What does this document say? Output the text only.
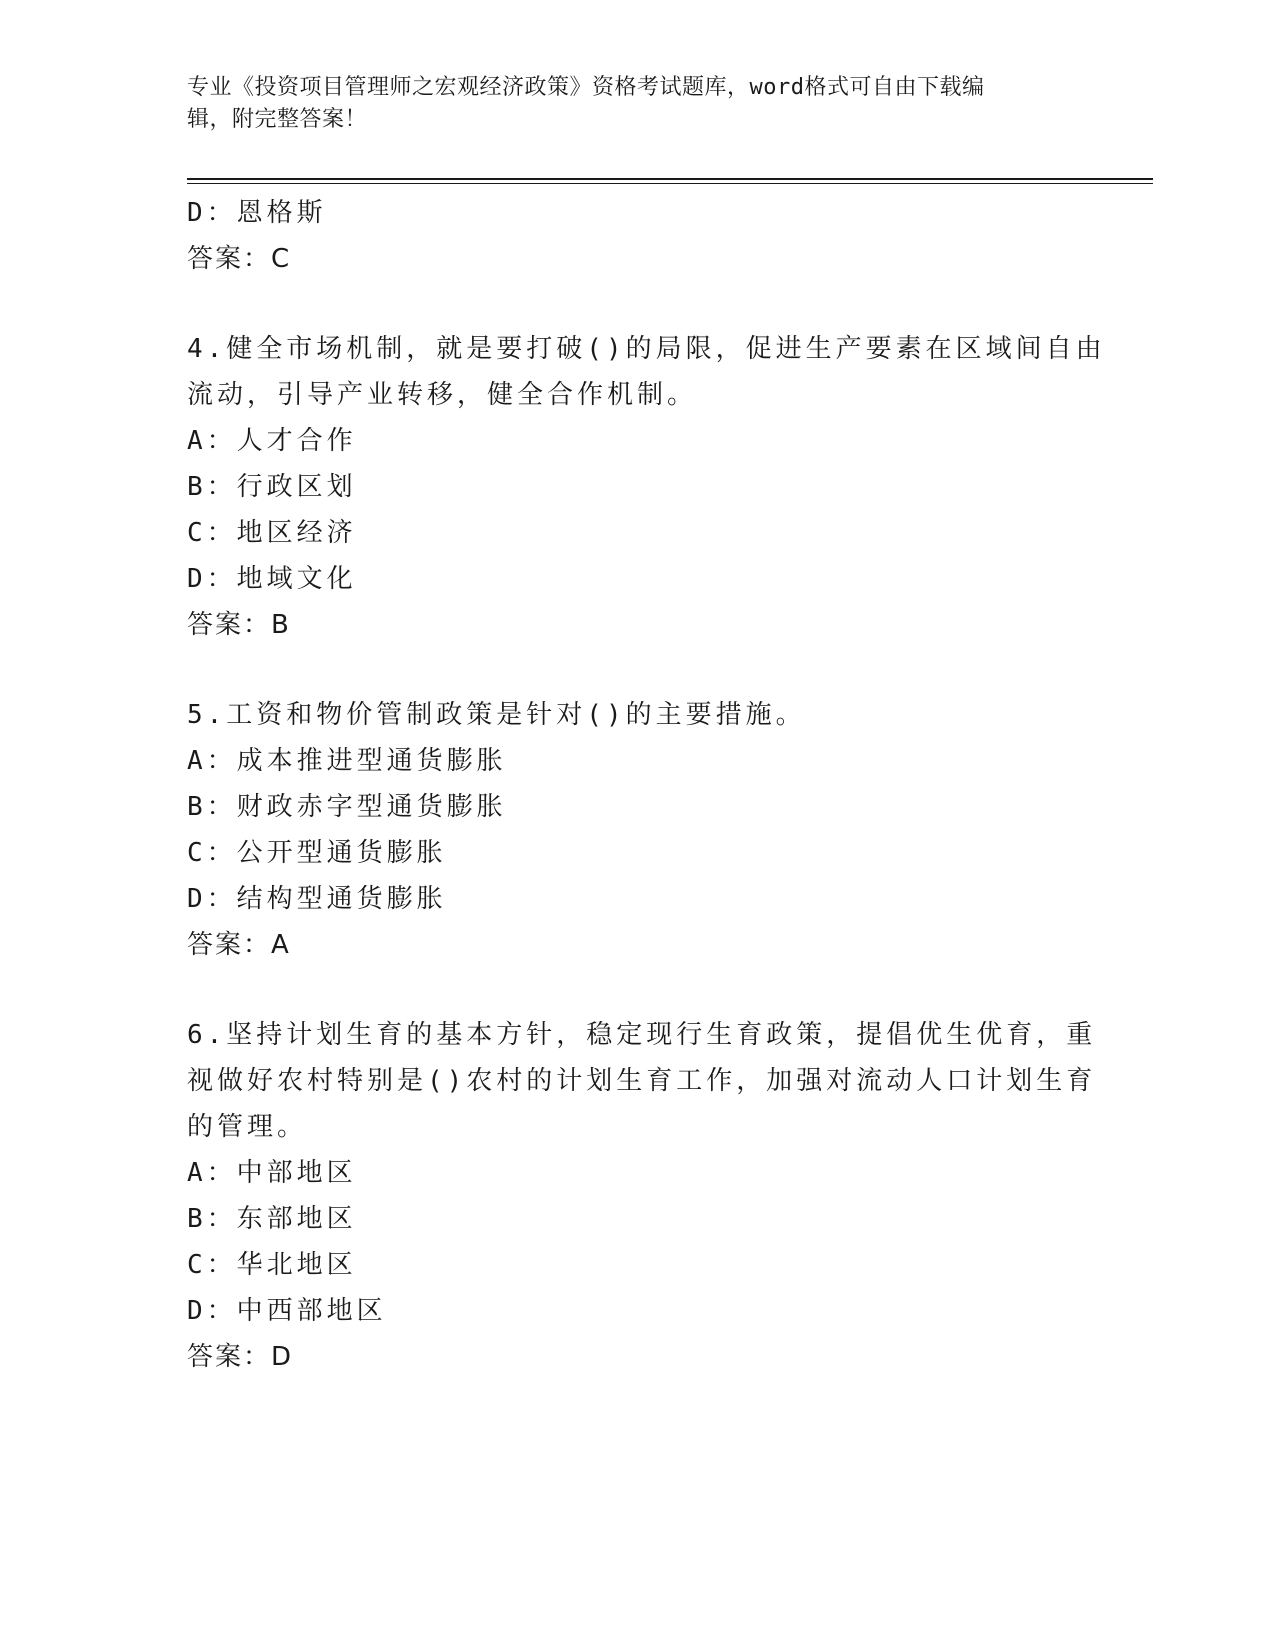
专业《投资项目管理师之宏观经济政策》资格考试题库，word格式可自由下载编
辑，附完整答案！
D：恩格斯
答案：C
4.健全市场机制，就是要打破()的局限，促进生产要素在区域间自由
流动，引导产业转移，健全合作机制。
A：人才合作
B：行政区划
C：地区经济
D：地域文化
答案：B
5.工资和物价管制政策是针对()的主要措施。
A：成本推进型通货膨胀
B：财政赤字型通货膨胀
C：公开型通货膨胀
D：结构型通货膨胀
答案：A
6.坚持计划生育的基本方针，稳定现行生育政策，提倡优生优育，重
视做好农村特别是()农村的计划生育工作，加强对流动人口计划生育
的管理。
A：中部地区
B：东部地区
C：华北地区
D：中西部地区
答案：D
